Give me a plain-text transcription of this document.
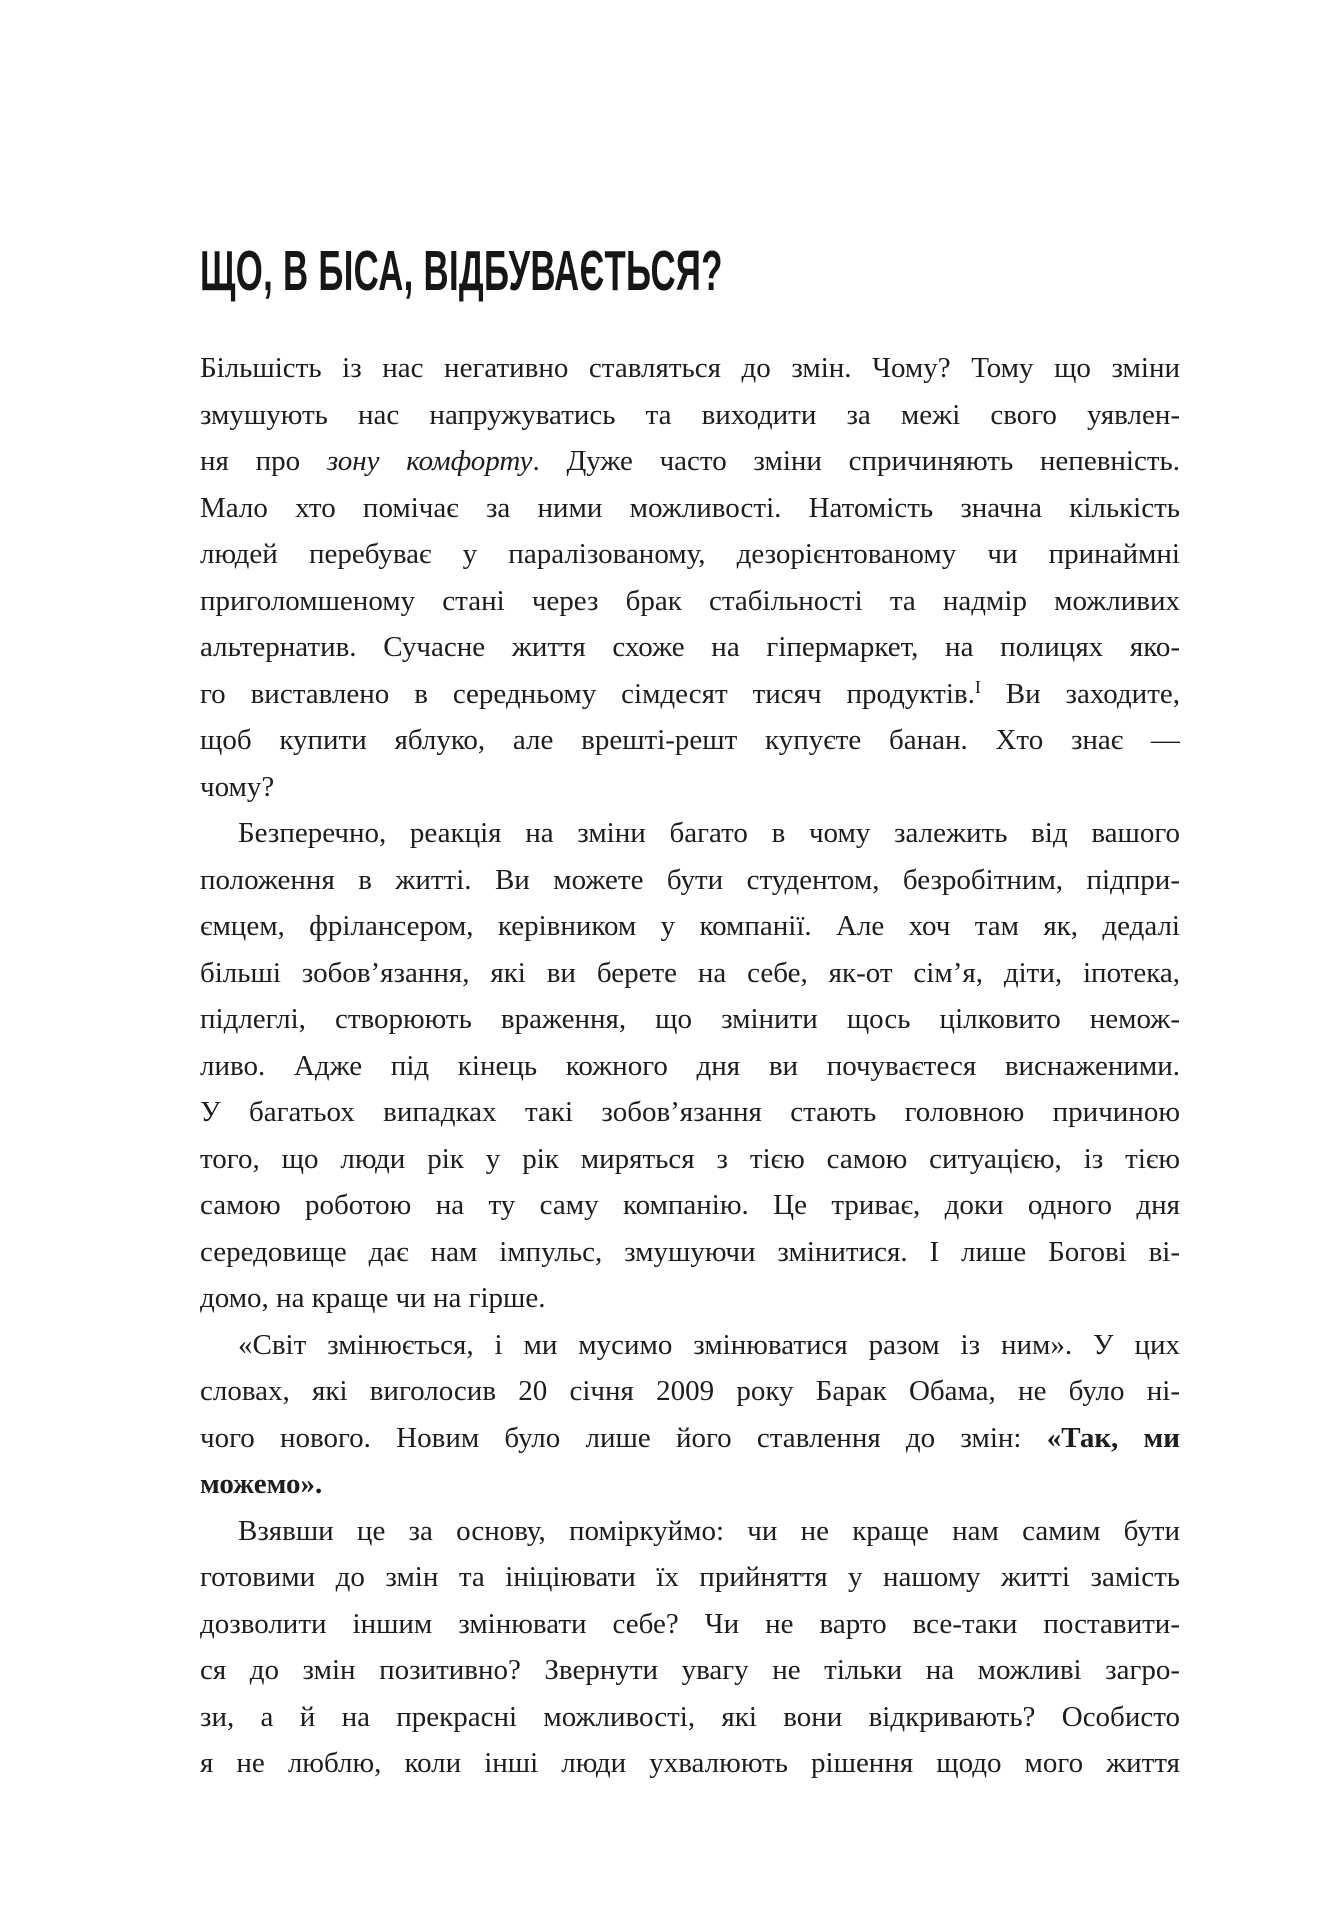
ЩО, В БІСА, ВІДБУВАЄТЬСЯ?
Більшість із нас негативно ставляться до змін. Чому? Тому що зміни
змушують нас напружуватись та виходити за межі свого уявлен-
ня про зону комфорту. Дуже часто зміни спричиняють непевність.
Мало хто помічає за ними можливості. Натомість значна кількість
людей перебуває у паралізованому, дезорієнтованому чи принаймні
приголомшеному стані через брак стабільності та надмір можливих
альтернатив. Сучасне життя схоже на гіпермаркет, на полицях яко-
го виставлено в середньому сімдесят тисяч продуктів.I Ви заходите,
щоб купити яблуко, але врешті-решт купуєте банан. Хто знає —
чому?
Безперечно, реакція на зміни багато в чому залежить від вашого
положення в житті. Ви можете бути студентом, безробітним, підпри-
ємцем, фрілансером, керівником у компанії. Але хоч там як, дедалі
більші зобов’язання, які ви берете на себе, як-от сім’я, діти, іпотека,
підлеглі, створюють враження, що змінити щось цілковито немож-
ливо. Адже під кінець кожного дня ви почуваєтеся виснаженими.
У багатьох випадках такі зобов’язання стають головною причиною
того, що люди рік у рік миряться з тією самою ситуацією, із тією
самою роботою на ту саму компанію. Це триває, доки одного дня
середовище дає нам імпульс, змушуючи змінитися. І лише Богові ві-
домо, на краще чи на гірше.
«Світ змінюється, і ми мусимо змінюватися разом із ним». У цих
словах, які виголосив 20 січня 2009 року Барак Обама, не було ні-
чого нового. Новим було лише його ставлення до змін: «Так, ми
можемо».
Взявши це за основу, поміркуймо: чи не краще нам самим бути
готовими до змін та ініціювати їх прийняття у нашому житті замість
дозволити іншим змінювати себе? Чи не варто все-таки поставити-
ся до змін позитивно? Звернути увагу не тільки на можливі загро-
зи, а й на прекрасні можливості, які вони відкривають? Особисто
я не люблю, коли інші люди ухвалюють рішення щодо мого життя
